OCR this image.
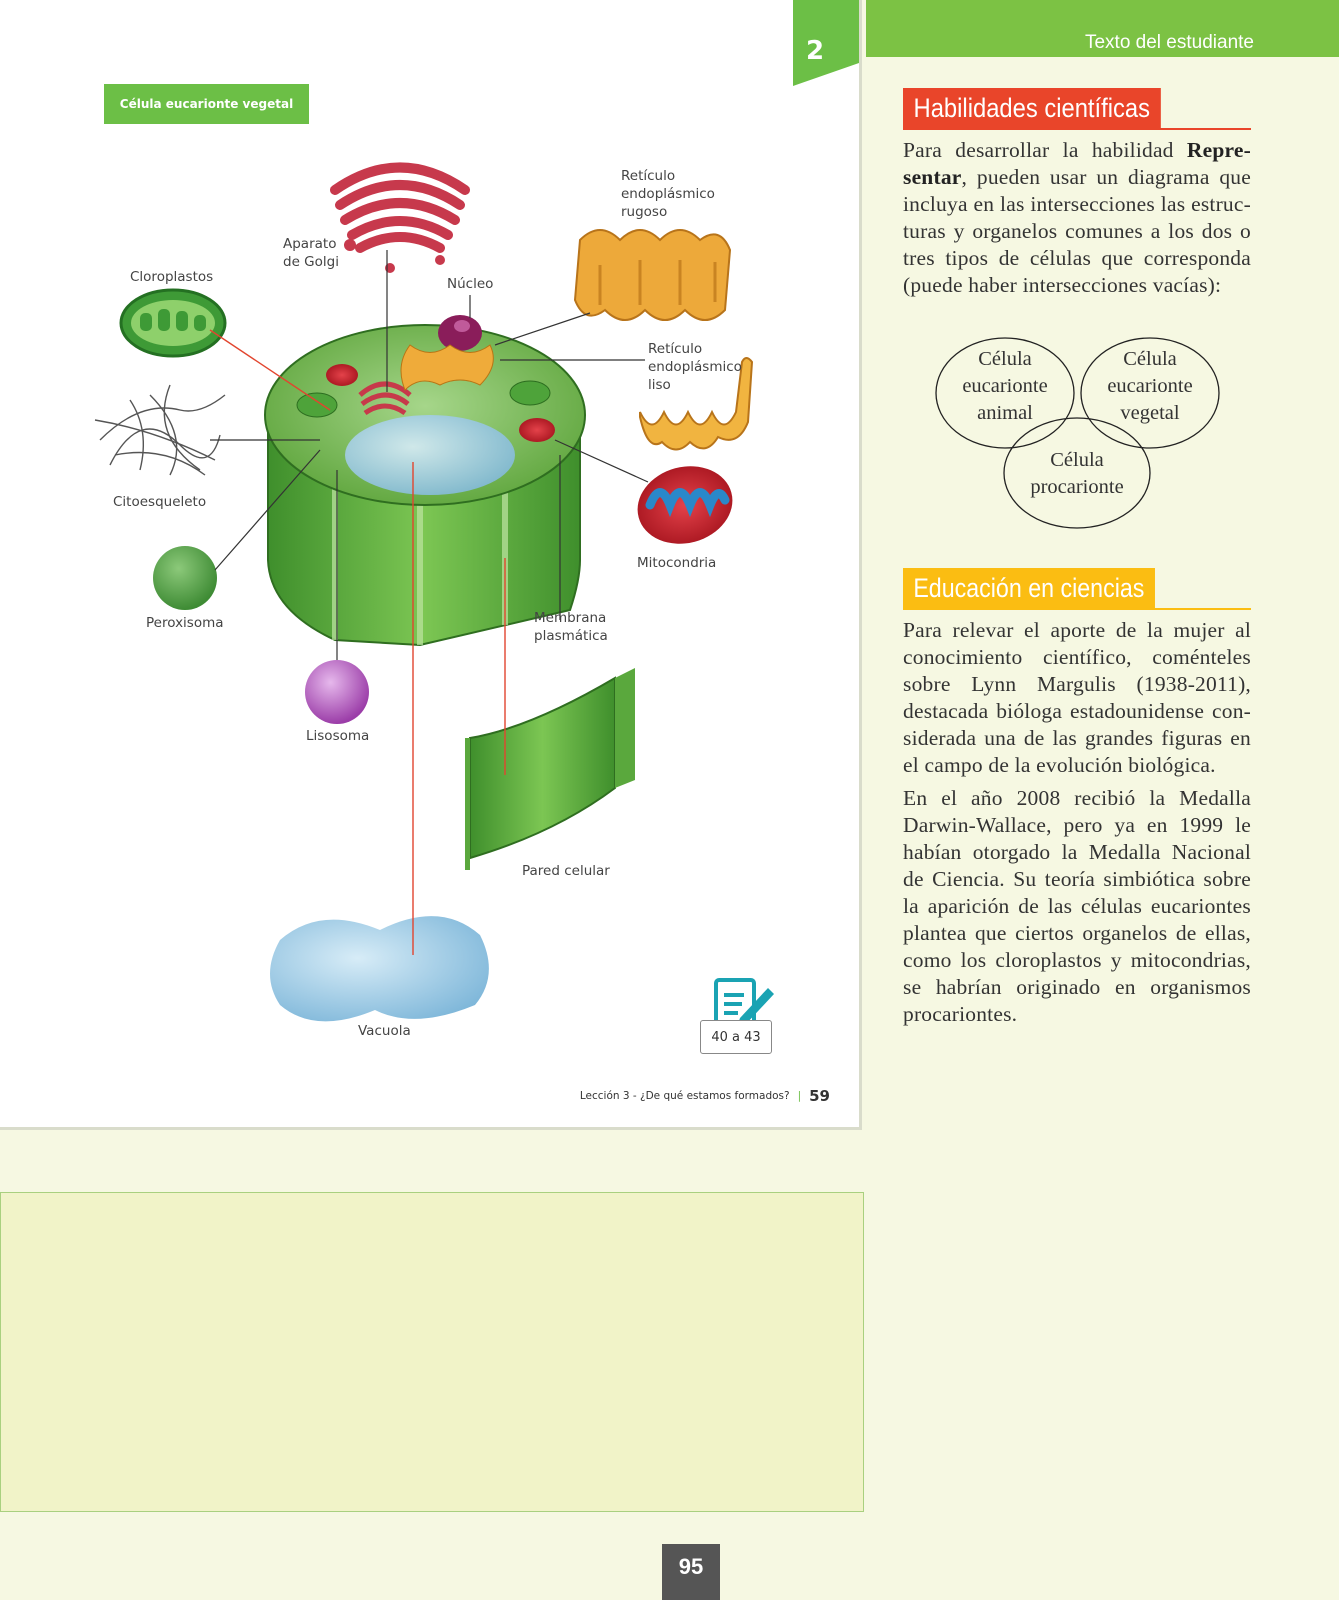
2
Célula eucarionte vegetal
Aparato
de Golgi
Retículo
endoplásmico
rugoso
Cloroplastos	Núcleo
Retículo
endoplásmico
liso
Citoesqueleto
Mitocondria
Peroxisoma	Membrana
plasmática
Lisosoma
Pared celular
Vacuola	40 a 43
Lección 3 - ¿De qué estamos formados? | 59
Texto del estudiante
Habilidades científicas

Para desarrollar la habilidad Repre-sentar, pueden usar un diagrama que incluya en las intersecciones las estruc-turas y organelos comunes a los dos o tres tipos de células que corresponda (puede haber intersecciones vacías):

Célula
eucarionte
animal
Célula
eucarionte
vegetal
Célula
procarionte
Educación en ciencias

Para relevar el aporte de la mujer al conocimiento científico, coménteles sobre Lynn Margulis (1938-2011), destacada bióloga estadounidense con-siderada una de las grandes figuras en el campo de la evolución biológica.

En el año 2008 recibió la Medalla Darwin-Wallace, pero ya en 1999 le habían otorgado la Medalla Nacional de Ciencia. Su teoría simbiótica sobre la aparición de las células eucariontes plantea que ciertos organelos de ellas, como los cloroplastos y mitocondrias, se habrían originado en organismos procariontes.

95
